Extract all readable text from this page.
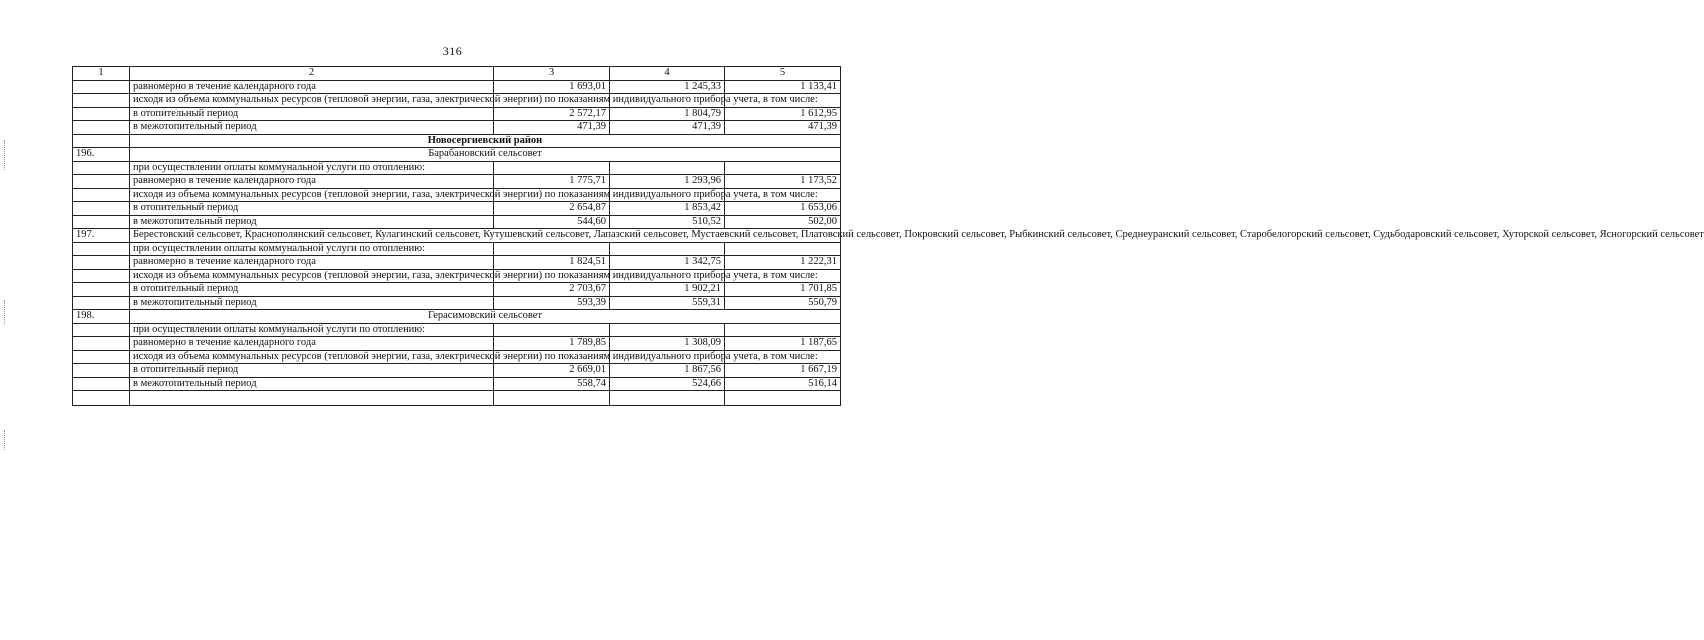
316
1	2	3	4	5
	равномерно в течение календарного года	1 693,01	1 245,33	1 133,41
	исходя из объема коммунальных ресурсов (тепловой энергии, газа, электрической энергии) по показаниям индивидуального прибора учета, в том числе:			
	в отопительный период	2 572,17	1 804,79	1 612,95
	в межотопительный период	471,39	471,39	471,39
	Новосергиевский район			
196.	Барабановский сельсовет			
	при осуществлении оплаты коммунальной услуги по отоплению:			
	равномерно в течение календарного года	1 775,71	1 293,96	1 173,52
	исходя из объема коммунальных ресурсов (тепловой энергии, газа, электрической энергии) по показаниям индивидуального прибора учета, в том числе:			
	в отопительный период	2 654,87	1 853,42	1 653,06
	в межотопительный период	544,60	510,52	502,00
197.	Берестовский сельсовет, Краснополянский сельсовет, Кулагинский сельсовет, Кутушевский сельсовет, Лапазский сельсовет, Мустаевский сельсовет, Платовский сельсовет, Покровский сельсовет, Рыбкинский сельсовет, Среднеуранский сельсовет, Старобелогорский сельсовет, Судьбодаровский сельсовет, Хуторской сельсовет, Ясногорский сельсовет			
	при осуществлении оплаты коммунальной услуги по отоплению:			
	равномерно в течение календарного года	1 824,51	1 342,75	1 222,31
	исходя из объема коммунальных ресурсов (тепловой энергии, газа, электрической энергии) по показаниям индивидуального прибора учета, в том числе:			
	в отопительный период	2 703,67	1 902,21	1 701,85
	в межотопительный период	593,39	559,31	550,79
198.	Герасимовский сельсовет			
	при осуществлении оплаты коммунальной услуги по отоплению:			
	равномерно в течение календарного года	1 789,85	1 308,09	1 187,65
	исходя из объема коммунальных ресурсов (тепловой энергии, газа, электрической энергии) по показаниям индивидуального прибора учета, в том числе:			
	в отопительный период	2 669,01	1 867,56	1 667,19
	в межотопительный период	558,74	524,66	516,14
